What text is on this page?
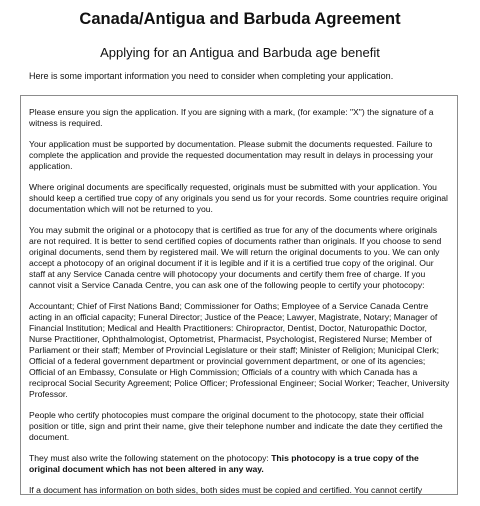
Canada/Antigua and Barbuda Agreement
Applying for an Antigua and Barbuda age benefit
Here is some important information you need to consider when completing your application.

Please ensure you sign the application. If you are signing with a mark, (for example: "X") the signature of a witness is required.

Your application must be supported by documentation. Please submit the documents requested. Failure to complete the application and provide the requested documentation may result in delays in processing your application.

Where original documents are specifically requested, originals must be submitted with your application. You should keep a certified true copy of any originals you send us for your records. Some countries require original documentation which will not be returned to you.

You may submit the original or a photocopy that is certified as true for any of the documents where originals are not required. It is better to send certified copies of documents rather than originals. If you choose to send original documents, send them by registered mail. We will return the original documents to you. We can only accept a photocopy of an original document if it is legible and if it is a certified true copy of the original. Our staff at any Service Canada centre will photocopy your documents and certify them free of charge. If you cannot visit a Service Canada Centre, you can ask one of the following people to certify your photocopy:

Accountant; Chief of First Nations Band; Commissioner for Oaths; Employee of a Service Canada Centre acting in an official capacity; Funeral Director; Justice of the Peace; Lawyer, Magistrate, Notary; Manager of Financial Institution; Medical and Health Practitioners: Chiropractor, Dentist, Doctor, Naturopathic Doctor, Nurse Practitioner, Ophthalmologist, Optometrist, Pharmacist, Psychologist, Registered Nurse; Member of Parliament or their staff; Member of Provincial Legislature or their staff; Minister of Religion; Municipal Clerk; Official of a federal government department or provincial government department, or one of its agencies; Official of an Embassy, Consulate or High Commission; Officials of a country with which Canada has a reciprocal Social Security Agreement; Police Officer; Professional Engineer; Social Worker; Teacher, University Professor.

People who certify photocopies must compare the original document to the photocopy, state their official position or title, sign and print their name, give their telephone number and indicate the date they certified the document.

They must also write the following statement on the photocopy: This photocopy is a true copy of the original document which has not been altered in any way.

If a document has information on both sides, both sides must be copied and certified. You cannot certify
